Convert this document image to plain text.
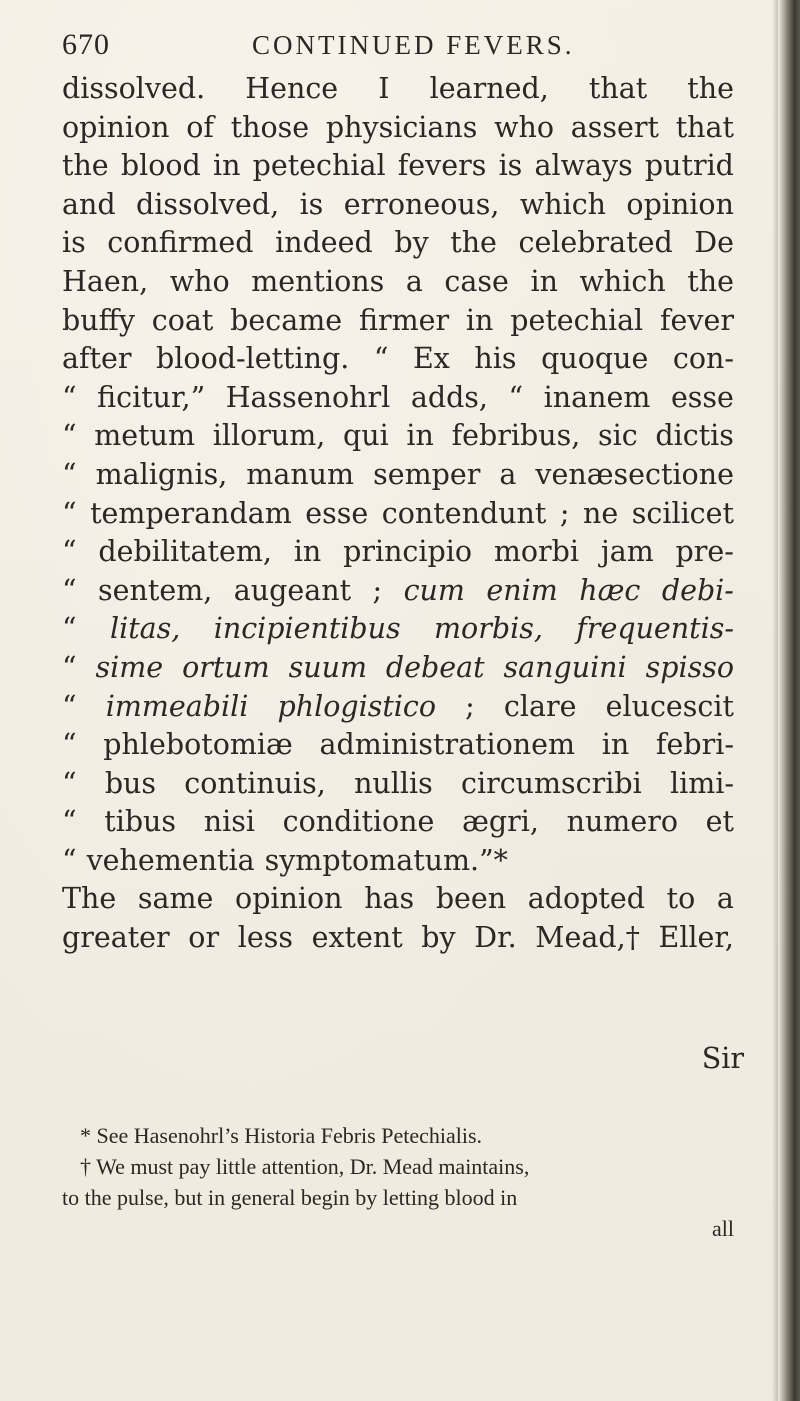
670	CONTINUED FEVERS.
dissolved. Hence I learned, that the
opinion of those physicians who assert that
the blood in petechial fevers is always putrid
and dissolved, is erroneous, which opinion
is confirmed indeed by the celebrated De
Haen, who mentions a case in which the
buffy coat became firmer in petechial fever
after blood-letting. “ Ex his quoque con-
“ ficitur,” Hassenohrl adds, “ inanem esse
“ metum illorum, qui in febribus, sic dictis
“ malignis, manum semper a venæsectione
“ temperandam esse contendunt ; ne scilicet
“ debilitatem, in principio morbi jam pre-
“ sentem, augeant ; cum enim hæc debi-
“ litas, incipientibus morbis, frequentis-
“ sime ortum suum debeat sanguini spisso
“ immeabili phlogistico ; clare elucescit
“ phlebotomiæ administrationem in febri-
“ bus continuis, nullis circumscribi limi-
“ tibus nisi conditione ægri, numero et
“ vehementia symptomatum.”*
The same opinion has been adopted to a
greater or less extent by Dr. Mead,† Eller,
Sir
* See Hasenohrl’s Historia Febris Petechialis.
† We must pay little attention, Dr. Mead maintains,
to the pulse, but in general begin by letting blood in
all
